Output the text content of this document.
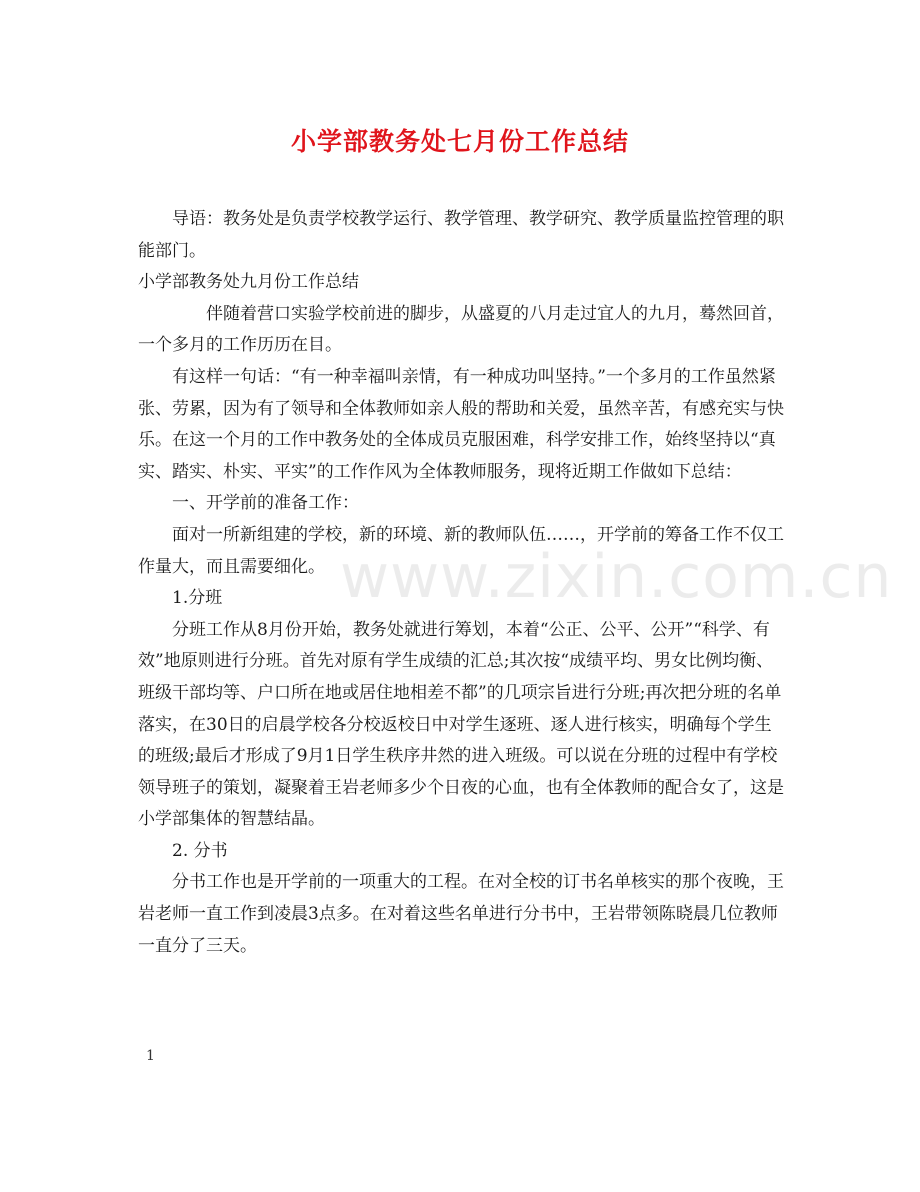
小学部教务处七月份工作总结
www.zixin.com.cn

导语：教务处是负责学校教学运行、教学管理、教学研究、教学质量监控管理的职能部门。

小学部教务处九月份工作总结

伴随着营口实验学校前进的脚步，从盛夏的八月走过宜人的九月，蓦然回首，一个多月的工作历历在目。

有这样一句话：“有一种幸福叫亲情，有一种成功叫坚持。”一个多月的工作虽然紧张、劳累，因为有了领导和全体教师如亲人般的帮助和关爱，虽然辛苦，有感充实与快乐。在这一个月的工作中教务处的全体成员克服困难，科学安排工作，始终坚持以“真实、踏实、朴实、平实”的工作作风为全体教师服务，现将近期工作做如下总结：

一、开学前的准备工作：

面对一所新组建的学校，新的环境、新的教师队伍……，开学前的筹备工作不仅工作量大，而且需要细化。

1.分班

分班工作从8月份开始，教务处就进行筹划，本着“公正、公平、公开”“科学、有效”地原则进行分班。首先对原有学生成绩的汇总;其次按“成绩平均、男女比例均衡、班级干部均等、户口所在地或居住地相差不都”的几项宗旨进行分班;再次把分班的名单落实，在30日的启晨学校各分校返校日中对学生逐班、逐人进行核实，明确每个学生的班级;最后才形成了9月1日学生秩序井然的进入班级。可以说在分班的过程中有学校领导班子的策划，凝聚着王岩老师多少个日夜的心血，也有全体教师的配合女了，这是小学部集体的智慧结晶。

2. 分书

分书工作也是开学前的一项重大的工程。在对全校的订书名单核实的那个夜晚，王岩老师一直工作到凌晨3点多。在对着这些名单进行分书中，王岩带领陈晓晨几位教师一直分了三天。

1
